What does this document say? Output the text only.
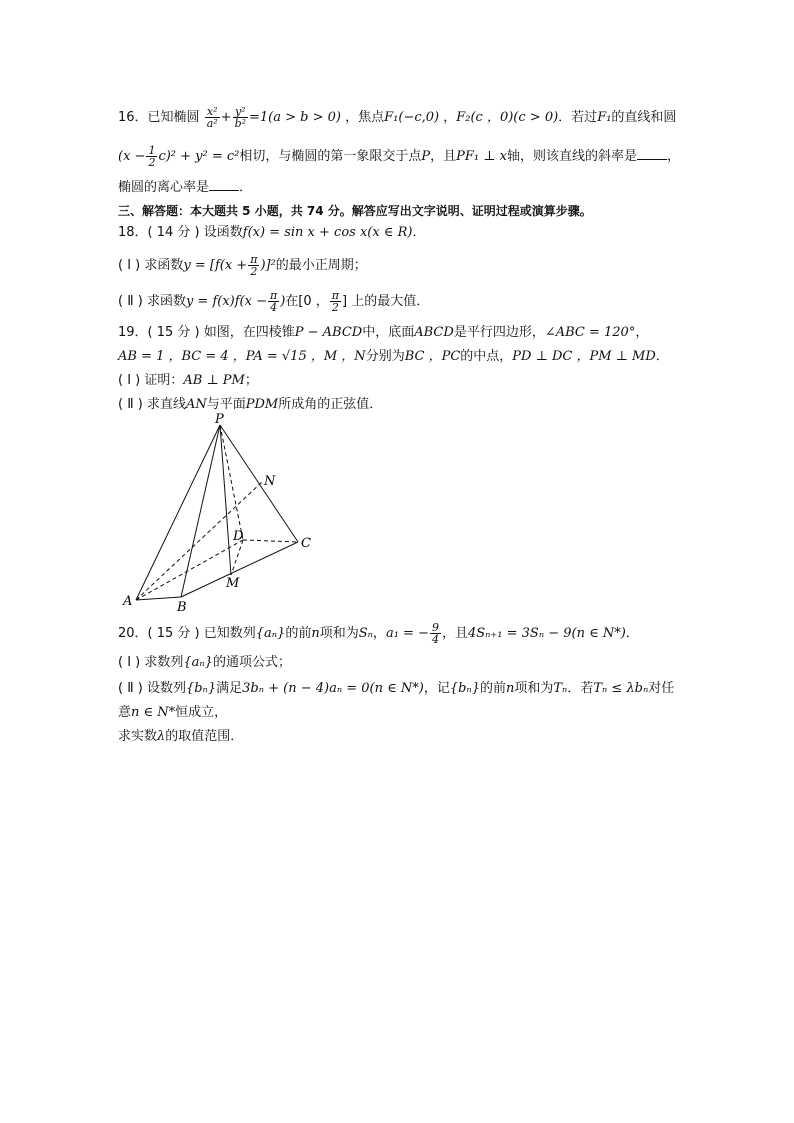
16．已知椭圆 $\frac{\text{x²}}{\text{a²}} + \frac{\text{y²}}{\text{b²}} =1(a > b > 0)$ ，焦点F₁(−c,0) ，F₂(c ，0)(c > 0)．若过F₁的直线和圆
$(x - \frac{1}{2} c)^2 + y^2 = c^2$相切，与椭圆的第一象限交于点P，且PF₁ ⊥ x轴，则该直线的斜率是 ，
椭圆的离心率是 ．
三、解答题：本大题共 5 小题，共 74 分。解答应写出文字说明、证明过程或演算步骤。
18．( 14 分 ) 设函数f(x) = sin x + cos x(x ∈ R)．
( Ⅰ ) 求函数$y = [f(x + \frac{\pi}{2} )]^2$的最小正周期；
( Ⅱ ) 求函数$y = f(x)f(x - \frac{\pi}{4}$ )在[0 ， $\frac{\pi}{2}$ ] 上的最大值．
19．( 15 分 ) 如图，在四棱锥P − ABCD中，底面ABCD是平行四边形，∠ABC = 120°，
AB = 1 ，BC = 4 ，PA = √15 ，M ，N分别为BC ，PC的中点，PD ⊥ DC ，PM ⊥ MD．
( Ⅰ ) 证明：AB ⊥ PM；
( Ⅱ ) 求直线AN与平面PDM所成角的正弦值．
P
N
D	C
M
A	B
20．( 15 分 ) 已知数列{aₙ}的前n项和为Sₙ，a₁ = − $\frac{9}{4}$ ，且4Sₙ₊₁ = 3Sₙ − 9(n ∈ N*)．
( Ⅰ ) 求数列{aₙ}的通项公式；
( Ⅱ ) 设数列{bₙ}满足3bₙ + (n − 4)aₙ = 0(n ∈ N*)，记{bₙ}的前n项和为Tₙ．若Tₙ ≤ λbₙ对任
意n ∈ N*恒成立，
求实数λ的取值范围．
